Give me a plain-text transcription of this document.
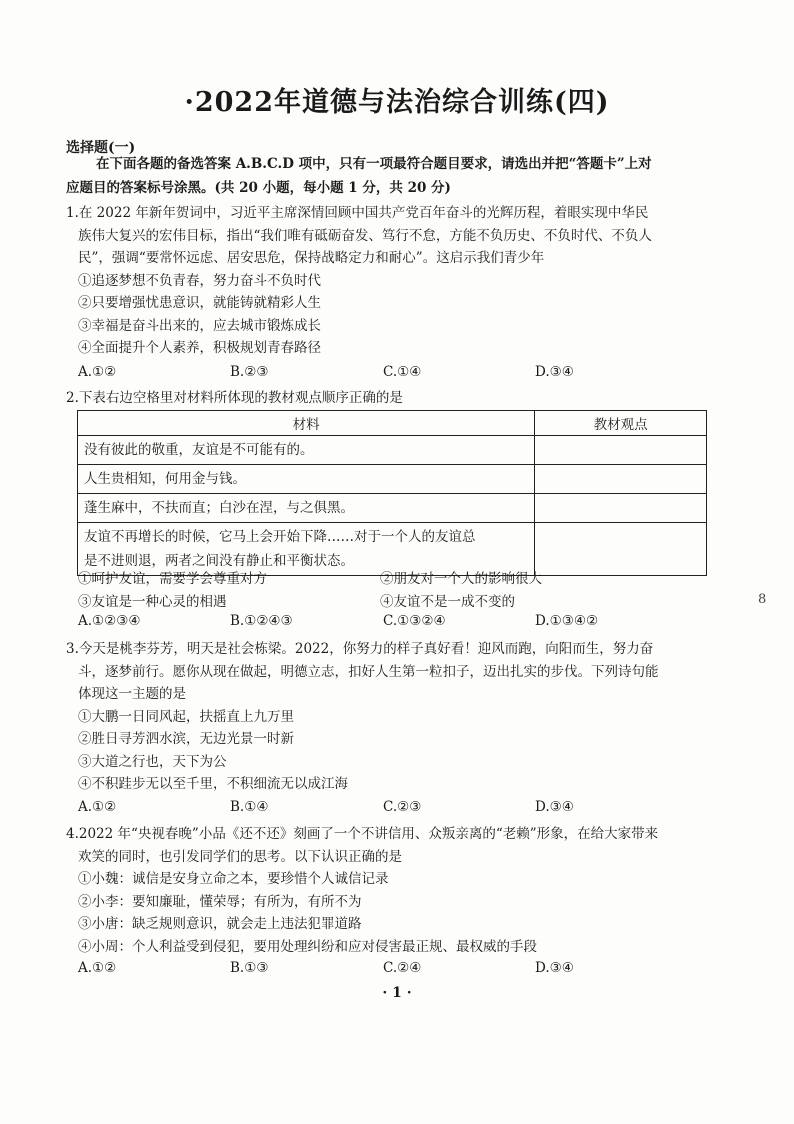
·2022年道德与法治综合训练(四)
选择题(一)
在下面各题的备选答案 A.B.C.D 项中，只有一项最符合题目要求，请选出并把“答题卡”上对
应题目的答案标号涂黑。(共 20 小题，每小题 1 分，共 20 分)
1.在 2022 年新年贺词中，习近平主席深情回顾中国共产党百年奋斗的光辉历程，着眼实现中华民
族伟大复兴的宏伟目标，指出“我们唯有砥砺奋发、笃行不怠，方能不负历史、不负时代、不负人
民”，强调“要常怀远虑、居安思危，保持战略定力和耐心”。这启示我们青少年
①追逐梦想不负青春，努力奋斗不负时代
②只要增强忧患意识，就能铸就精彩人生
③幸福是奋斗出来的，应去城市锻炼成长
④全面提升个人素养，积极规划青春路径
A.①②	B.②③	C.①④	D.③④
2.下表右边空格里对材料所体现的教材观点顺序正确的是
材料	教材观点
没有彼此的敬重，友谊是不可能有的。	
人生贵相知，何用金与钱。	
蓬生麻中，不扶而直；白沙在涅，与之俱黑。	

友谊不再增长的时候，它马上会开始下降……对于一个人的友谊总
是不进则退，两者之间没有静止和平衡状态。	

①呵护友谊，需要学会尊重对方	②朋友对一个人的影响很大
③友谊是一种心灵的相遇	④友谊不是一成不变的
A.①②③④	B.①②④③	C.①③②④	D.①③④②
8
3.今天是桃李芬芳，明天是社会栋梁。2022，你努力的样子真好看！迎风而跑，向阳而生，努力奋
斗，逐梦前行。愿你从现在做起，明德立志，扣好人生第一粒扣子，迈出扎实的步伐。下列诗句能
体现这一主题的是
①大鹏一日同风起，扶摇直上九万里
②胜日寻芳泗水滨，无边光景一时新
③大道之行也，天下为公
④不积跬步无以至千里，不积细流无以成江海
A.①②	B.①④	C.②③	D.③④
4.2022 年“央视春晚”小品《还不还》刻画了一个不讲信用、众叛亲离的“老赖”形象，在给大家带来
欢笑的同时，也引发同学们的思考。以下认识正确的是
①小魏：诚信是安身立命之本，要珍惜个人诚信记录
②小李：要知廉耻，懂荣辱；有所为，有所不为
③小唐：缺乏规则意识，就会走上违法犯罪道路
④小周：个人利益受到侵犯，要用处理纠纷和应对侵害最正规、最权威的手段
A.①②	B.①③	C.②④	D.③④
· 1 ·
